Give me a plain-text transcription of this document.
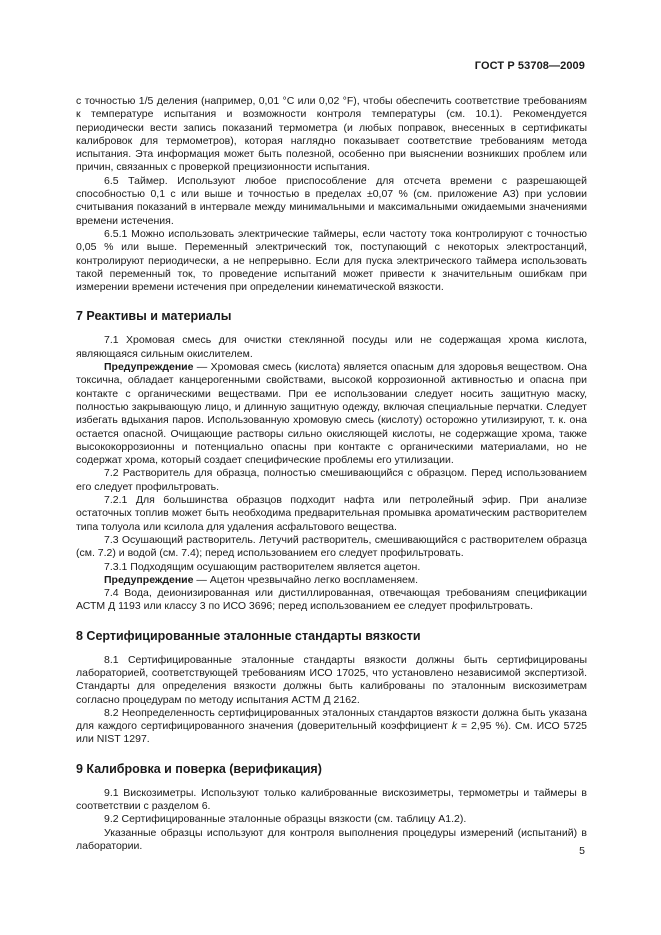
ГОСТ Р 53708—2009

с точностью 1/5 деления (например, 0,01 °С или 0,02 °F), чтобы обеспечить соответствие требованиям к температуре испытания и возможности контроля температуры (см. 10.1). Рекомендуется периодически вести запись показаний термометра (и любых поправок, внесенных в сертификаты калибровок для термометров), которая наглядно показывает соответствие требованиям метода испытания. Эта информация может быть полезной, особенно при выяснении возникших проблем или причин, связанных с проверкой прецизионности испытания.

6.5 Таймер. Используют любое приспособление для отсчета времени с разрешающей способностью 0,1 с или выше и точностью в пределах ±0,07 % (см. приложение А3) при условии считывания показаний в интервале между минимальными и максимальными ожидаемыми значениями времени истечения.

6.5.1 Можно использовать электрические таймеры, если частоту тока контролируют с точностью 0,05 % или выше. Переменный электрический ток, поступающий с некоторых электростанций, контролируют периодически, а не непрерывно. Если для пуска электрического таймера использовать такой переменный ток, то проведение испытаний может привести к значительным ошибкам при измерении времени истечения при определении кинематической вязкости.

7 Реактивы и материалы

7.1 Хромовая смесь для очистки стеклянной посуды или не содержащая хрома кислота, являющаяся сильным окислителем.

Предупреждение — Хромовая смесь (кислота) является опасным для здоровья веществом. Она токсична, обладает канцерогенными свойствами, высокой коррозионной активностью и опасна при контакте с органическими веществами. При ее использовании следует носить защитную маску, полностью закрывающую лицо, и длинную защитную одежду, включая специальные перчатки. Следует избегать вдыхания паров. Использованную хромовую смесь (кислоту) осторожно утилизируют, т. к. она остается опасной. Очищающие растворы сильно окисляющей кислоты, не содержащие хрома, также высококоррозионны и потенциально опасны при контакте с органическими материалами, но не содержат хрома, который создает специфические проблемы его утилизации.

7.2 Растворитель для образца, полностью смешивающийся с образцом. Перед использованием его следует профильтровать.

7.2.1 Для большинства образцов подходит нафта или петролейный эфир. При анализе остаточных топлив может быть необходима предварительная промывка ароматическим растворителем типа толуола или ксилола для удаления асфальтового вещества.

7.3 Осушающий растворитель. Летучий растворитель, смешивающийся с растворителем образца (см. 7.2) и водой (см. 7.4); перед использованием его следует профильтровать.

7.3.1 Подходящим осушающим растворителем является ацетон.

Предупреждение — Ацетон чрезвычайно легко воспламеняем.

7.4 Вода, деионизированная или дистиллированная, отвечающая требованиям спецификации АСТМ Д 1193 или классу 3 по ИСО 3696; перед использованием ее следует профильтровать.

8 Сертифицированные эталонные стандарты вязкости

8.1 Сертифицированные эталонные стандарты вязкости должны быть сертифицированы лабораторией, соответствующей требованиям ИСО 17025, что установлено независимой экспертизой. Стандарты для определения вязкости должны быть калиброваны по эталонным вискозиметрам согласно процедурам по методу испытания АСТМ Д 2162.

8.2 Неопределенность сертифицированных эталонных стандартов вязкости должна быть указана для каждого сертифицированного значения (доверительный коэффициент k = 2,95 %). См. ИСО 5725 или NIST 1297.

9 Калибровка и поверка (верификация)

9.1 Вискозиметры. Используют только калиброванные вискозиметры, термометры и таймеры в соответствии с разделом 6.

9.2 Сертифицированные эталонные образцы вязкости (см. таблицу А1.2).

Указанные образцы используют для контроля выполнения процедуры измерений (испытаний) в лаборатории.	5
